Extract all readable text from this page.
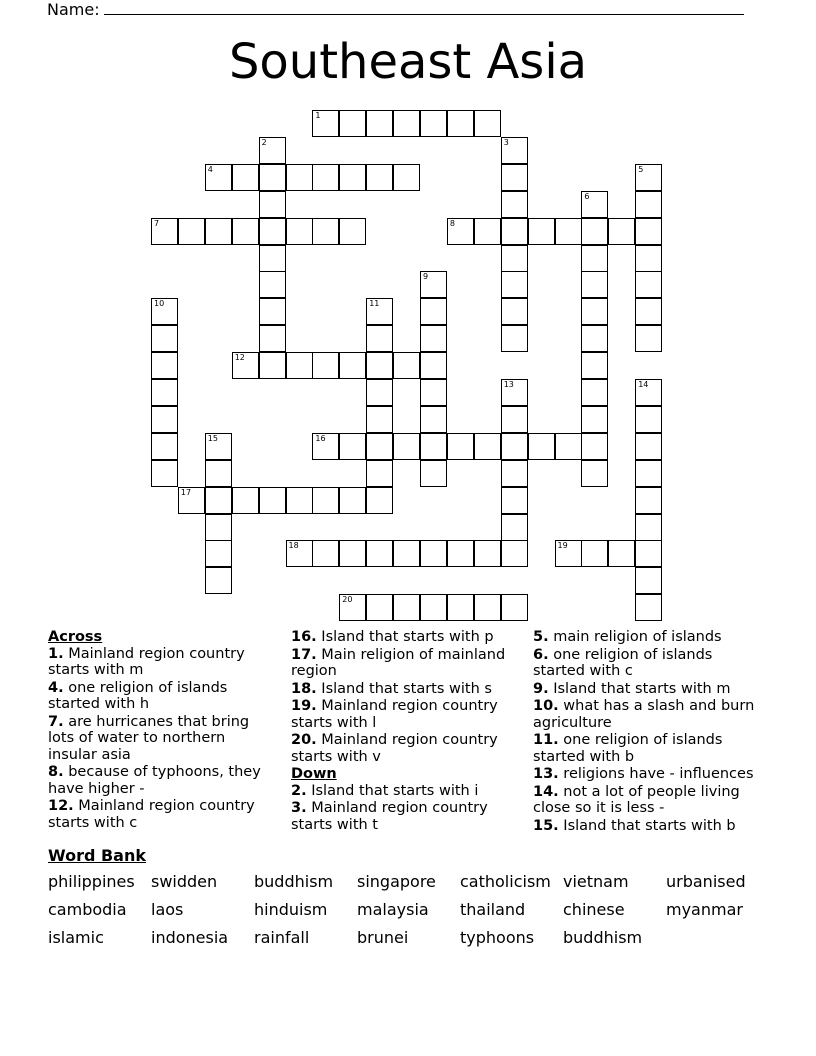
Name:
Southeast Asia
1
2	3
4	5
6
7	8
9
10	11
12
13	14
15	16
17
18	19
20
Across
1. Mainland region country starts with m
4. one religion of islands started with h
7. are hurricanes that bring lots of water to northern insular asia
8. because of typhoons, they have higher -
12. Mainland region country starts with c
16. Island that starts with p
17. Main religion of mainland region
18. Island that starts with s
19. Mainland region country starts with l
20. Mainland region country starts with v
Down
2. Island that starts with i
3. Mainland region country starts with t
5. main religion of islands
6. one religion of islands started with c
9. Island that starts with m
10. what has a slash and burn agriculture
11. one religion of islands started with b
13. religions have - influences
14. not a lot of people living close so it is less -
15. Island that starts with b
Word Bank
philippines swidden buddhism singapore catholicism vietnam urbanised
cambodia laos	hinduism malaysia thailand chinese	myanmar
islamic	indonesia rainfall	brunei	typhoons buddhism
